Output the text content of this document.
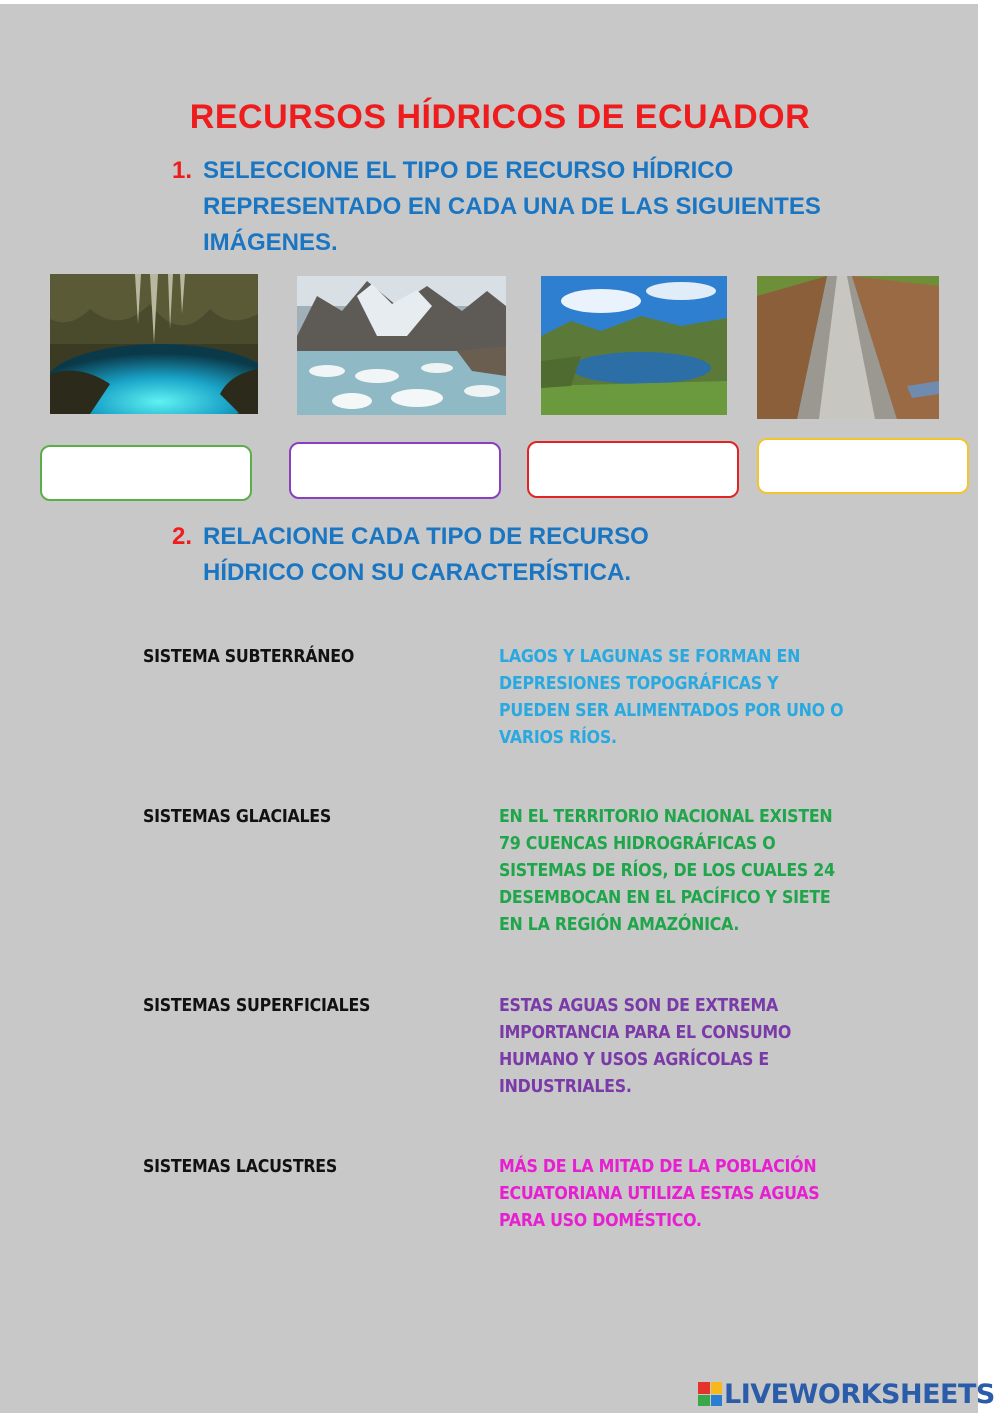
RECURSOS HÍDRICOS DE ECUADOR
1. SELECCIONE EL TIPO DE RECURSO HÍDRICO
REPRESENTADO EN CADA UNA DE LAS SIGUIENTES
IMÁGENES.
2. RELACIONE CADA TIPO DE RECURSO
HÍDRICO CON SU CARACTERÍSTICA.
SISTEMA SUBTERRÁNEO
SISTEMAS GLACIALES
SISTEMAS SUPERFICIALES
SISTEMAS LACUSTRES
LAGOS Y LAGUNAS SE FORMAN EN DEPRESIONES TOPOGRÁFICAS Y PUEDEN SER ALIMENTADOS POR UNO O VARIOS RÍOS.
EN EL TERRITORIO NACIONAL EXISTEN 79 CUENCAS HIDROGRÁFICAS O SISTEMAS DE RÍOS, DE LOS CUALES 24 DESEMBOCAN EN EL PACÍFICO Y SIETE EN LA REGIÓN AMAZÓNICA.
ESTAS AGUAS SON DE EXTREMA IMPORTANCIA PARA EL CONSUMO HUMANO Y USOS AGRÍCOLAS E INDUSTRIALES.
MÁS DE LA MITAD DE LA POBLACIÓN ECUATORIANA UTILIZA ESTAS AGUAS PARA USO DOMÉSTICO.
LIVEWORKSHEETS
